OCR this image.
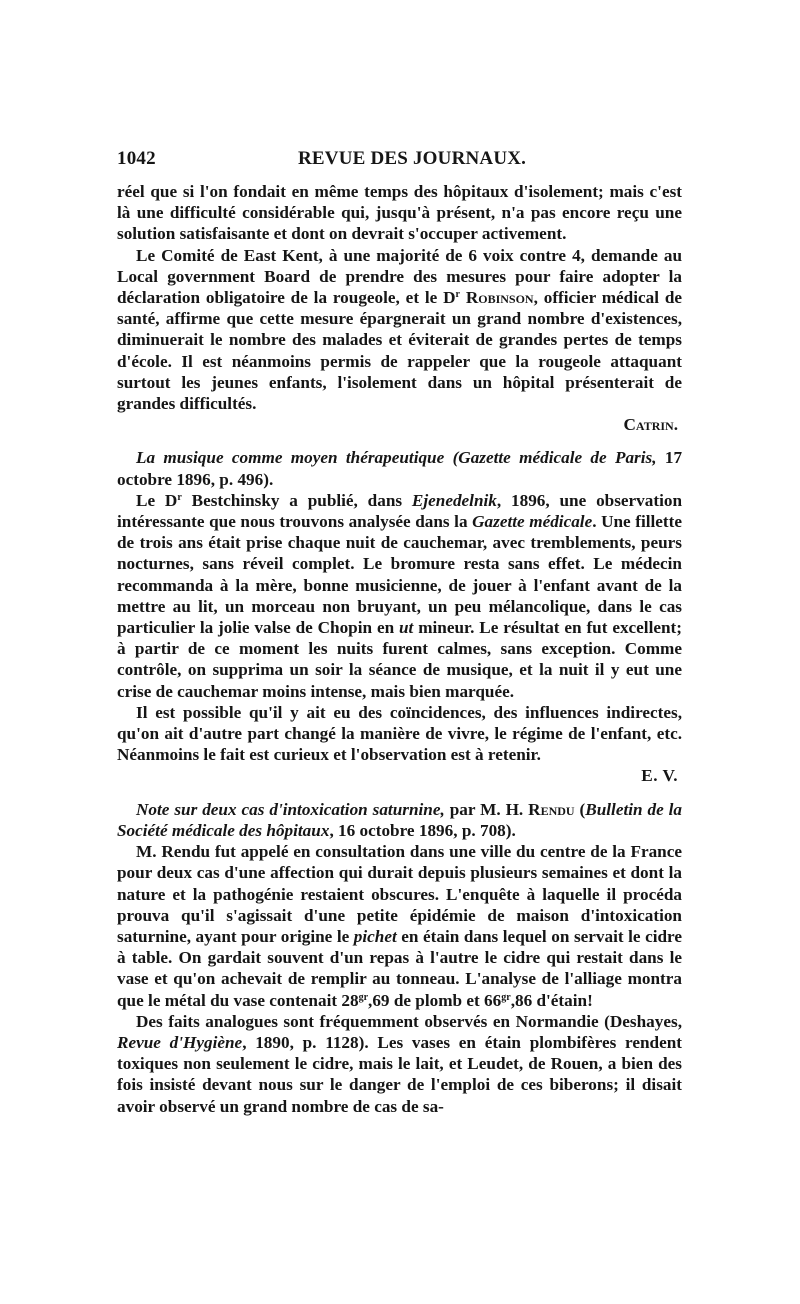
1042	REVUE DES JOURNAUX.

réel que si l'on fondait en même temps des hôpitaux d'isolement; mais c'est là une difficulté considérable qui, jusqu'à présent, n'a pas encore reçu une solution satisfaisante et dont on devrait s'occuper activement.

Le Comité de East Kent, à une majorité de 6 voix contre 4, demande au Local government Board de prendre des mesures pour faire adopter la déclaration obligatoire de la rougeole, et le $D^r$ Robinson, officier médical de santé, affirme que cette mesure épargnerait un grand nombre d'existences, diminuerait le nombre des malades et éviterait de grandes pertes de temps d'école. Il est néanmoins permis de rappeler que la rougeole attaquant surtout les jeunes enfants, l'isolement dans un hôpital présenterait de grandes difficultés.

Catrin.

La musique comme moyen thérapeutique (Gazette médicale de Paris, 17 octobre 1896, p. 496).

Le $D^r$ Bestchinsky a publié, dans Ejenedelnik, 1896, une observation intéressante que nous trouvons analysée dans la Gazette médicale. Une fillette de trois ans était prise chaque nuit de cauchemar, avec tremblements, peurs nocturnes, sans réveil complet. Le bromure resta sans effet. Le médecin recommanda à la mère, bonne musicienne, de jouer à l'enfant avant de la mettre au lit, un morceau non bruyant, un peu mélancolique, dans le cas particulier la jolie valse de Chopin en ut mineur. Le résultat en fut excellent; à partir de ce moment les nuits furent calmes, sans exception. Comme contrôle, on supprima un soir la séance de musique, et la nuit il y eut une crise de cauchemar moins intense, mais bien marquée.

Il est possible qu'il y ait eu des coïncidences, des influences indirectes, qu'on ait d'autre part changé la manière de vivre, le régime de l'enfant, etc. Néanmoins le fait est curieux et l'observation est à retenir.

E. V.

Note sur deux cas d'intoxication saturnine, par M. H. Rendu (Bulletin de la Société médicale des hôpitaux, 16 octobre 1896, p. 708).

M. Rendu fut appelé en consultation dans une ville du centre de la France pour deux cas d'une affection qui durait depuis plusieurs semaines et dont la nature et la pathogénie restaient obscures. L'enquête à laquelle il procéda prouva qu'il s'agissait d'une petite épidémie de maison d'intoxication saturnine, ayant pour origine le pichet en étain dans lequel on servait le cidre à table. On gardait souvent d'un repas à l'autre le cidre qui restait dans le vase et qu'on achevait de remplir au tonneau. L'analyse de l'alliage montra que le métal du vase contenait $28^{gr},69$ de plomb et $66^{gr},86$ d'étain!

Des faits analogues sont fréquemment observés en Normandie (Deshayes, Revue d'Hygiène, 1890, p. 1128). Les vases en étain plombifères rendent toxiques non seulement le cidre, mais le lait, et Leudet, de Rouen, a bien des fois insisté devant nous sur le danger de l'emploi de ces biberons; il disait avoir observé un grand nombre de cas de sa-
